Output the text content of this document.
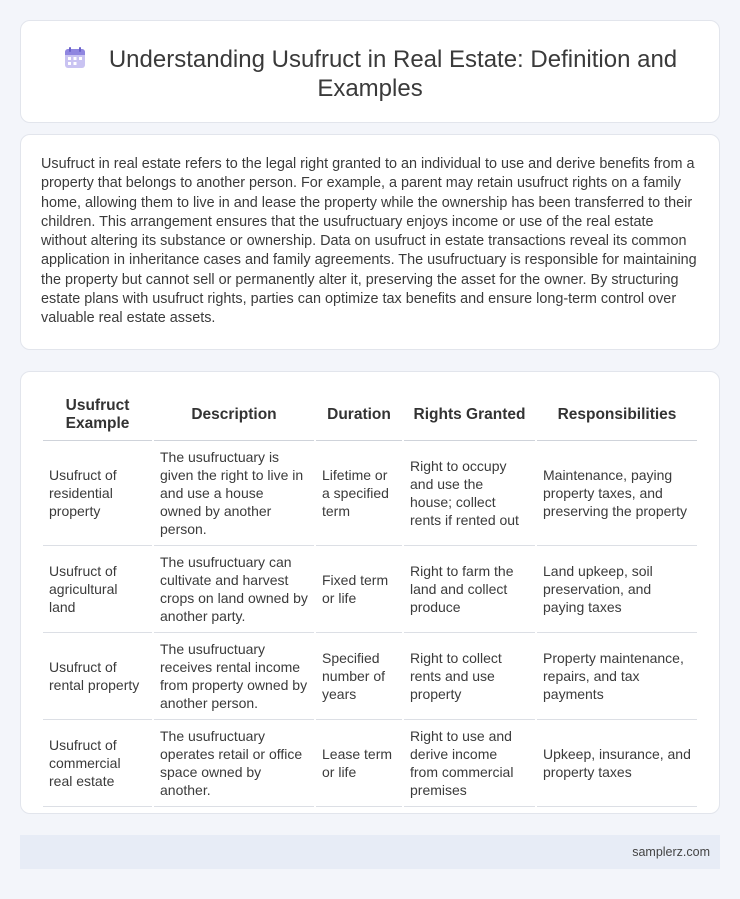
Understanding Usufruct in Real Estate: Definition and Examples

Usufruct in real estate refers to the legal right granted to an individual to use and derive benefits from a property that belongs to another person. For example, a parent may retain usufruct rights on a family home, allowing them to live in and lease the property while the ownership has been transferred to their children. This arrangement ensures that the usufructuary enjoys income or use of the real estate without altering its substance or ownership. Data on usufruct in estate transactions reveal its common application in inheritance cases and family agreements. The usufructuary is responsible for maintaining the property but cannot sell or permanently alter it, preserving the asset for the owner. By structuring estate plans with usufruct rights, parties can optimize tax benefits and ensure long-term control over valuable real estate assets.

Usufruct Example	Description	Duration	Rights Granted	Responsibilities
Usufruct of residential property	The usufructuary is given the right to live in and use a house owned by another person.	Lifetime or a specified term	Right to occupy and use the house; collect rents if rented out	Maintenance, paying property taxes, and preserving the property
Usufruct of agricultural land	The usufructuary can cultivate and harvest crops on land owned by another party.	Fixed term or life	Right to farm the land and collect produce	Land upkeep, soil preservation, and paying taxes
Usufruct of rental property	The usufructuary receives rental income from property owned by another person.	Specified number of years	Right to collect rents and use property	Property maintenance, repairs, and tax payments
Usufruct of commercial real estate	The usufructuary operates retail or office space owned by another.	Lease term or life	Right to use and derive income from commercial premises	Upkeep, insurance, and property taxes
samplerz.com
